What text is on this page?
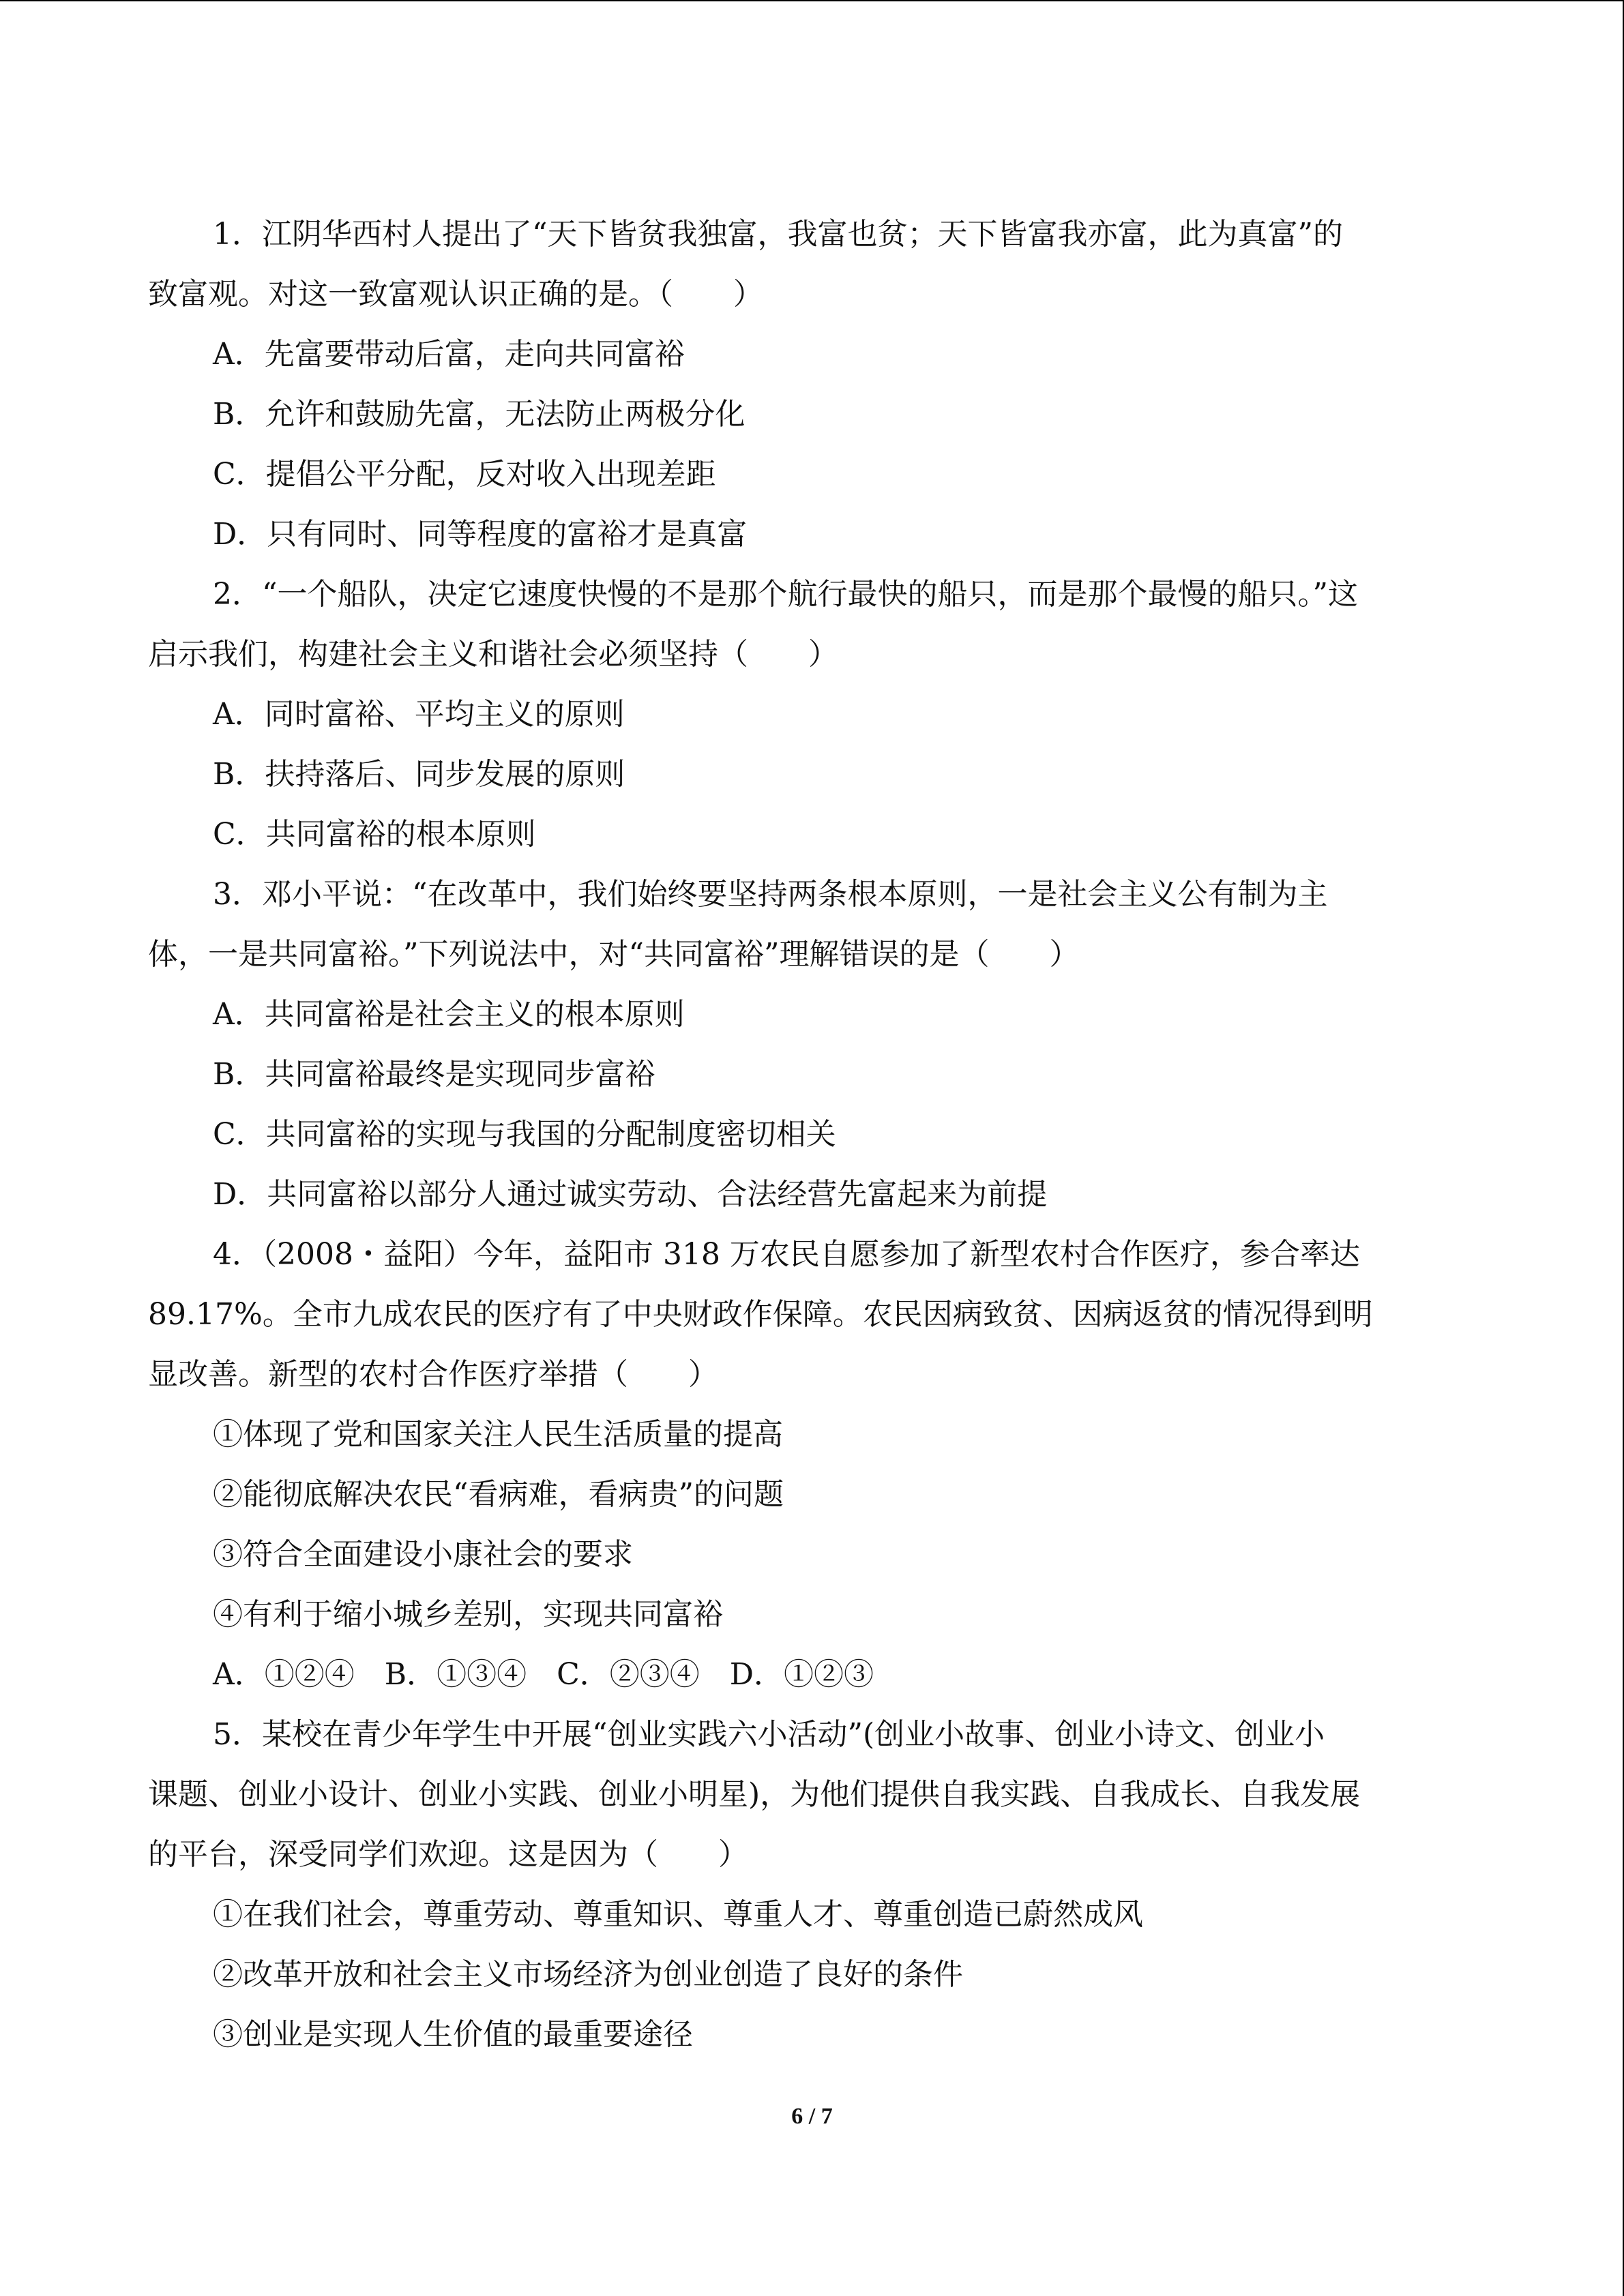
1．江阴华西村人提出了“天下皆贫我独富，我富也贫；天下皆富我亦富，此为真富”的
致富观。对这一致富观认识正确的是。（　　）
A．先富要带动后富，走向共同富裕
B．允许和鼓励先富，无法防止两极分化
C．提倡公平分配，反对收入出现差距
D．只有同时、同等程度的富裕才是真富
2．“一个船队，决定它速度快慢的不是那个航行最快的船只，而是那个最慢的船只。”这
启示我们，构建社会主义和谐社会必须坚持（　　）
A．同时富裕、平均主义的原则
B．扶持落后、同步发展的原则
C．共同富裕的根本原则
3．邓小平说：“在改革中，我们始终要坚持两条根本原则，一是社会主义公有制为主
体，一是共同富裕。”下列说法中，对“共同富裕”理解错误的是（　　）
A．共同富裕是社会主义的根本原则
B．共同富裕最终是实现同步富裕
C．共同富裕的实现与我国的分配制度密切相关
D．共同富裕以部分人通过诚实劳动、合法经营先富起来为前提
4．（2008・益阳）今年，益阳市 318 万农民自愿参加了新型农村合作医疗，参合率达
89.17%。全市九成农民的医疗有了中央财政作保障。农民因病致贫、因病返贫的情况得到明
显改善。新型的农村合作医疗举措（　　）
①体现了党和国家关注人民生活质量的提高
②能彻底解决农民“看病难，看病贵”的问题
③符合全面建设小康社会的要求
④有利于缩小城乡差别，实现共同富裕
A．①②④　B．①③④　C．②③④　D．①②③
5．某校在青少年学生中开展“创业实践六小活动”(创业小故事、创业小诗文、创业小
课题、创业小设计、创业小实践、创业小明星)，为他们提供自我实践、自我成长、自我发展
的平台，深受同学们欢迎。这是因为（　　）
①在我们社会，尊重劳动、尊重知识、尊重人才、尊重创造已蔚然成风
②改革开放和社会主义市场经济为创业创造了良好的条件
③创业是实现人生价值的最重要途径
6 / 7
